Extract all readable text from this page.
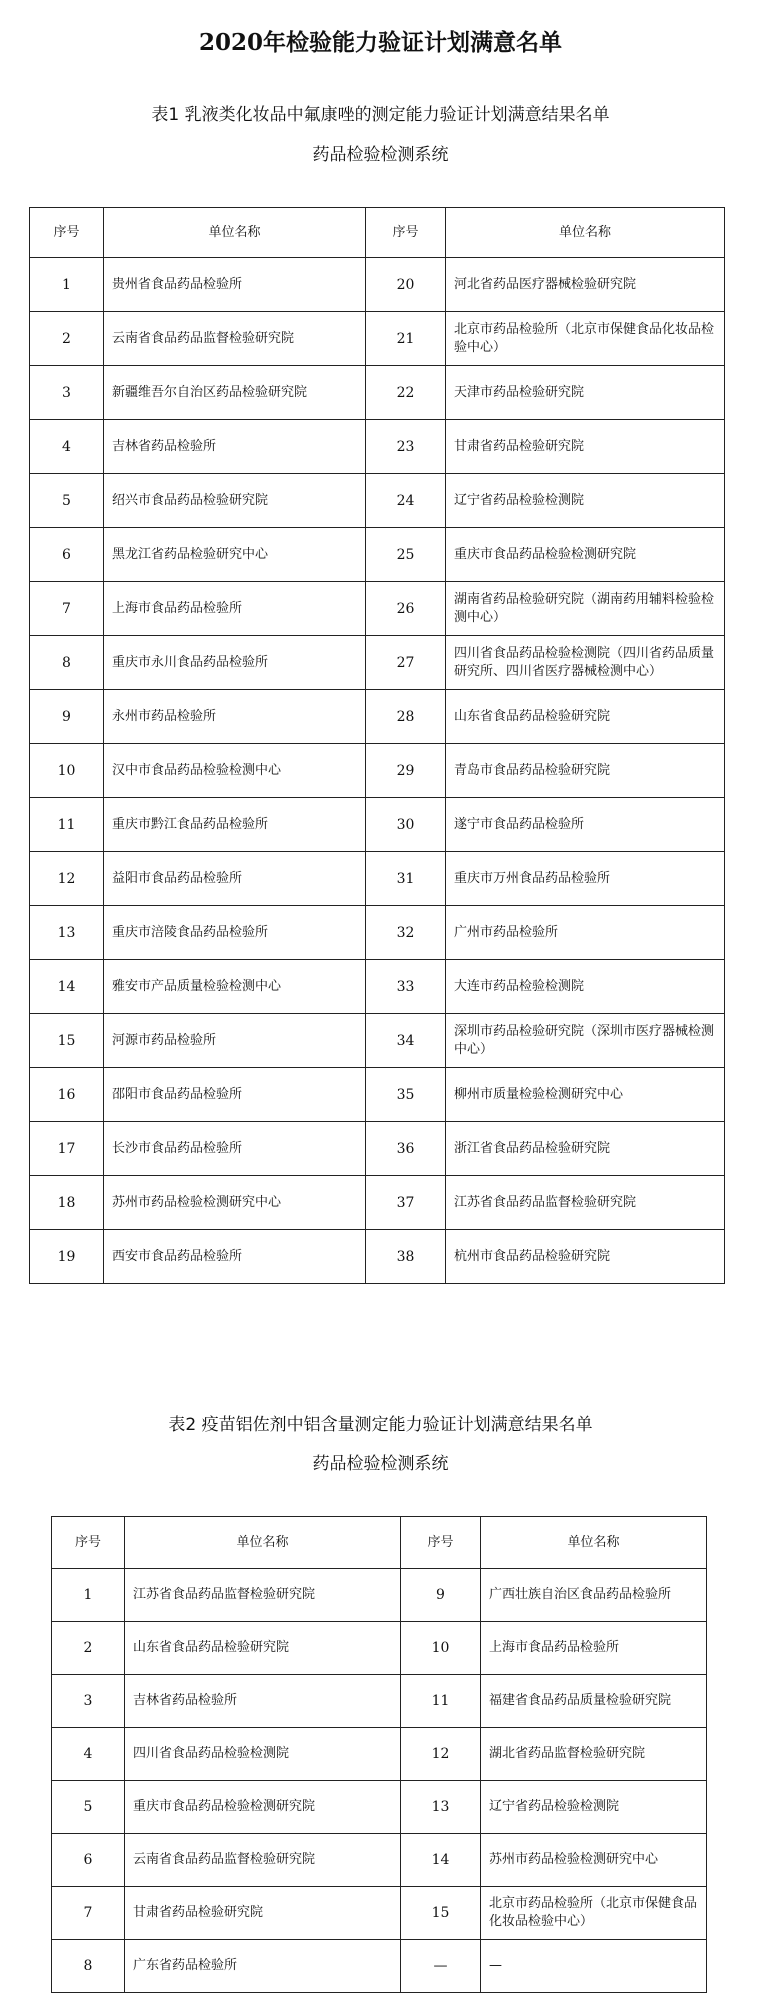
2020年检验能力验证计划满意名单
表1 乳液类化妆品中氟康唑的测定能力验证计划满意结果名单
药品检验检测系统
序号	单位名称	序号	单位名称
1	贵州省食品药品检验所	20	河北省药品医疗器械检验研究院
2	云南省食品药品监督检验研究院	21	北京市药品检验所（北京市保健食品化妆品检验中心）
3	新疆维吾尔自治区药品检验研究院	22	天津市药品检验研究院
4	吉林省药品检验所	23	甘肃省药品检验研究院
5	绍兴市食品药品检验研究院	24	辽宁省药品检验检测院
6	黑龙江省药品检验研究中心	25	重庆市食品药品检验检测研究院
7	上海市食品药品检验所	26	湖南省药品检验研究院（湖南药用辅料检验检测中心）
8	重庆市永川食品药品检验所	27	四川省食品药品检验检测院（四川省药品质量研究所、四川省医疗器械检测中心）
9	永州市药品检验所	28	山东省食品药品检验研究院
10	汉中市食品药品检验检测中心	29	青岛市食品药品检验研究院
11	重庆市黔江食品药品检验所	30	遂宁市食品药品检验所
12	益阳市食品药品检验所	31	重庆市万州食品药品检验所
13	重庆市涪陵食品药品检验所	32	广州市药品检验所
14	雅安市产品质量检验检测中心	33	大连市药品检验检测院
15	河源市药品检验所	34	深圳市药品检验研究院（深圳市医疗器械检测中心）
16	邵阳市食品药品检验所	35	柳州市质量检验检测研究中心
17	长沙市食品药品检验所	36	浙江省食品药品检验研究院
18	苏州市药品检验检测研究中心	37	江苏省食品药品监督检验研究院
19	西安市食品药品检验所	38	杭州市食品药品检验研究院
表2 疫苗铝佐剂中铝含量测定能力验证计划满意结果名单
药品检验检测系统
序号	单位名称	序号	单位名称
1	江苏省食品药品监督检验研究院	9	广西壮族自治区食品药品检验所
2	山东省食品药品检验研究院	10	上海市食品药品检验所
3	吉林省药品检验所	11	福建省食品药品质量检验研究院
4	四川省食品药品检验检测院	12	湖北省药品监督检验研究院
5	重庆市食品药品检验检测研究院	13	辽宁省药品检验检测院
6	云南省食品药品监督检验研究院	14	苏州市药品检验检测研究中心
7	甘肃省药品检验研究院	15	北京市药品检验所（北京市保健食品化妆品检验中心）
8	广东省药品检验所	—	—
